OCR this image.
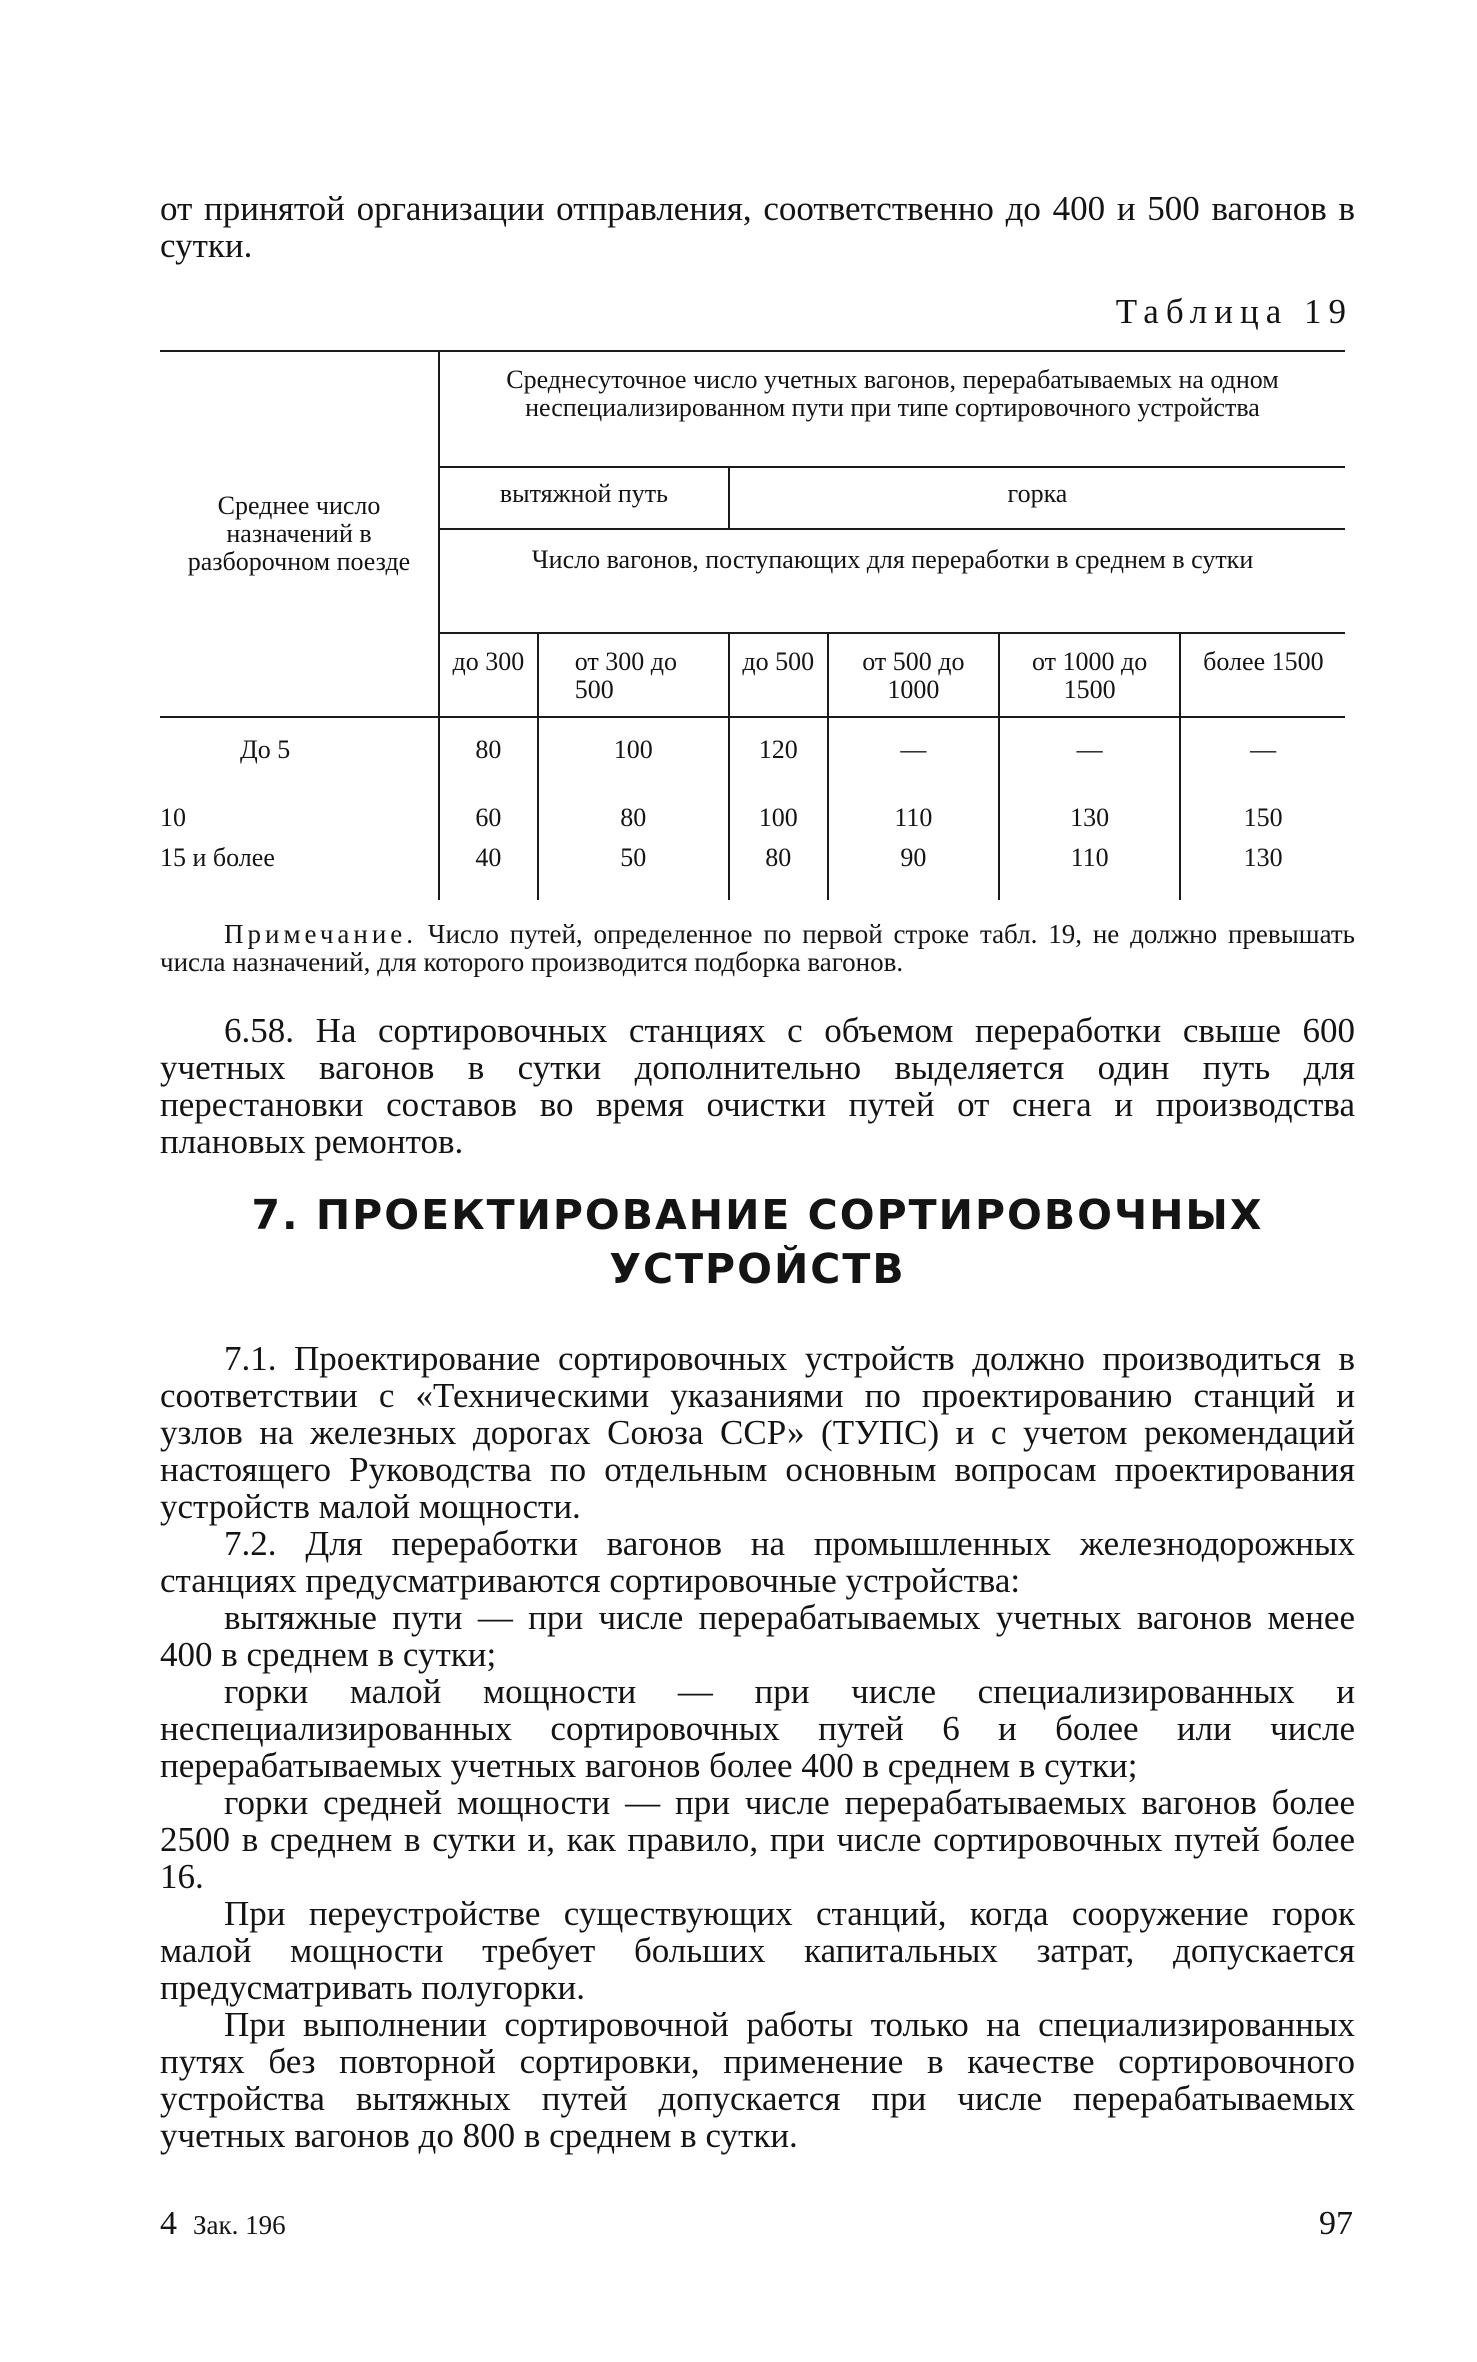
от принятой организации отправления, соответственно до 400 и 500 вагонов в сутки.

Таблица 19
Среднее число назначений в разборочном поезде	Среднесуточное число учетных вагонов, перерабатываемых на одном неспециализированном пути при типе сортировочного устройства					
	вытяжной путь		горка			
	Число вагонов, поступающих для переработки в среднем в сутки					
	до 300	от 300 до 500	до 500	от 500 до 1000	от 1000 до 1500	более 1500
До 5	80	100	120	—	—	—
10	60	80	100	110	130	150
15 и более	40	50	80	90	110	130

Примечание. Число путей, определенное по первой строке табл. 19, не должно превышать числа назначений, для которого производится подборка вагонов.

6.58. На сортировочных станциях с объемом переработки свыше 600 учетных вагонов в сутки дополнительно выделяется один путь для перестановки составов во время очистки путей от снега и производства плановых ремонтов.

7. ПРОЕКТИРОВАНИЕ СОРТИРОВОЧНЫХ УСТРОЙСТВ

7.1. Проектирование сортировочных устройств должно производиться в соответствии с «Техническими указаниями по проектированию станций и узлов на железных дорогах Союза ССР» (ТУПС) и с учетом рекомендаций настоящего Руководства по отдельным основным вопросам проектирования устройств малой мощности.

7.2. Для переработки вагонов на промышленных железнодорожных станциях предусматриваются сортировочные устройства:

вытяжные пути — при числе перерабатываемых учетных вагонов менее 400 в среднем в сутки;

горки малой мощности — при числе специализированных и неспециализированных сортировочных путей 6 и более или числе перерабатываемых учетных вагонов более 400 в среднем в сутки;

горки средней мощности — при числе перерабатываемых вагонов более 2500 в среднем в сутки и, как правило, при числе сортировочных путей более 16.

При переустройстве существующих станций, когда сооружение горок малой мощности требует больших капитальных затрат, допускается предусматривать полугорки.

При выполнении сортировочной работы только на специализированных путях без повторной сортировки, применение в качестве сортировочного устройства вытяжных путей допускается при числе перерабатываемых учетных вагонов до 800 в среднем в сутки.

4 Зак. 196	97
